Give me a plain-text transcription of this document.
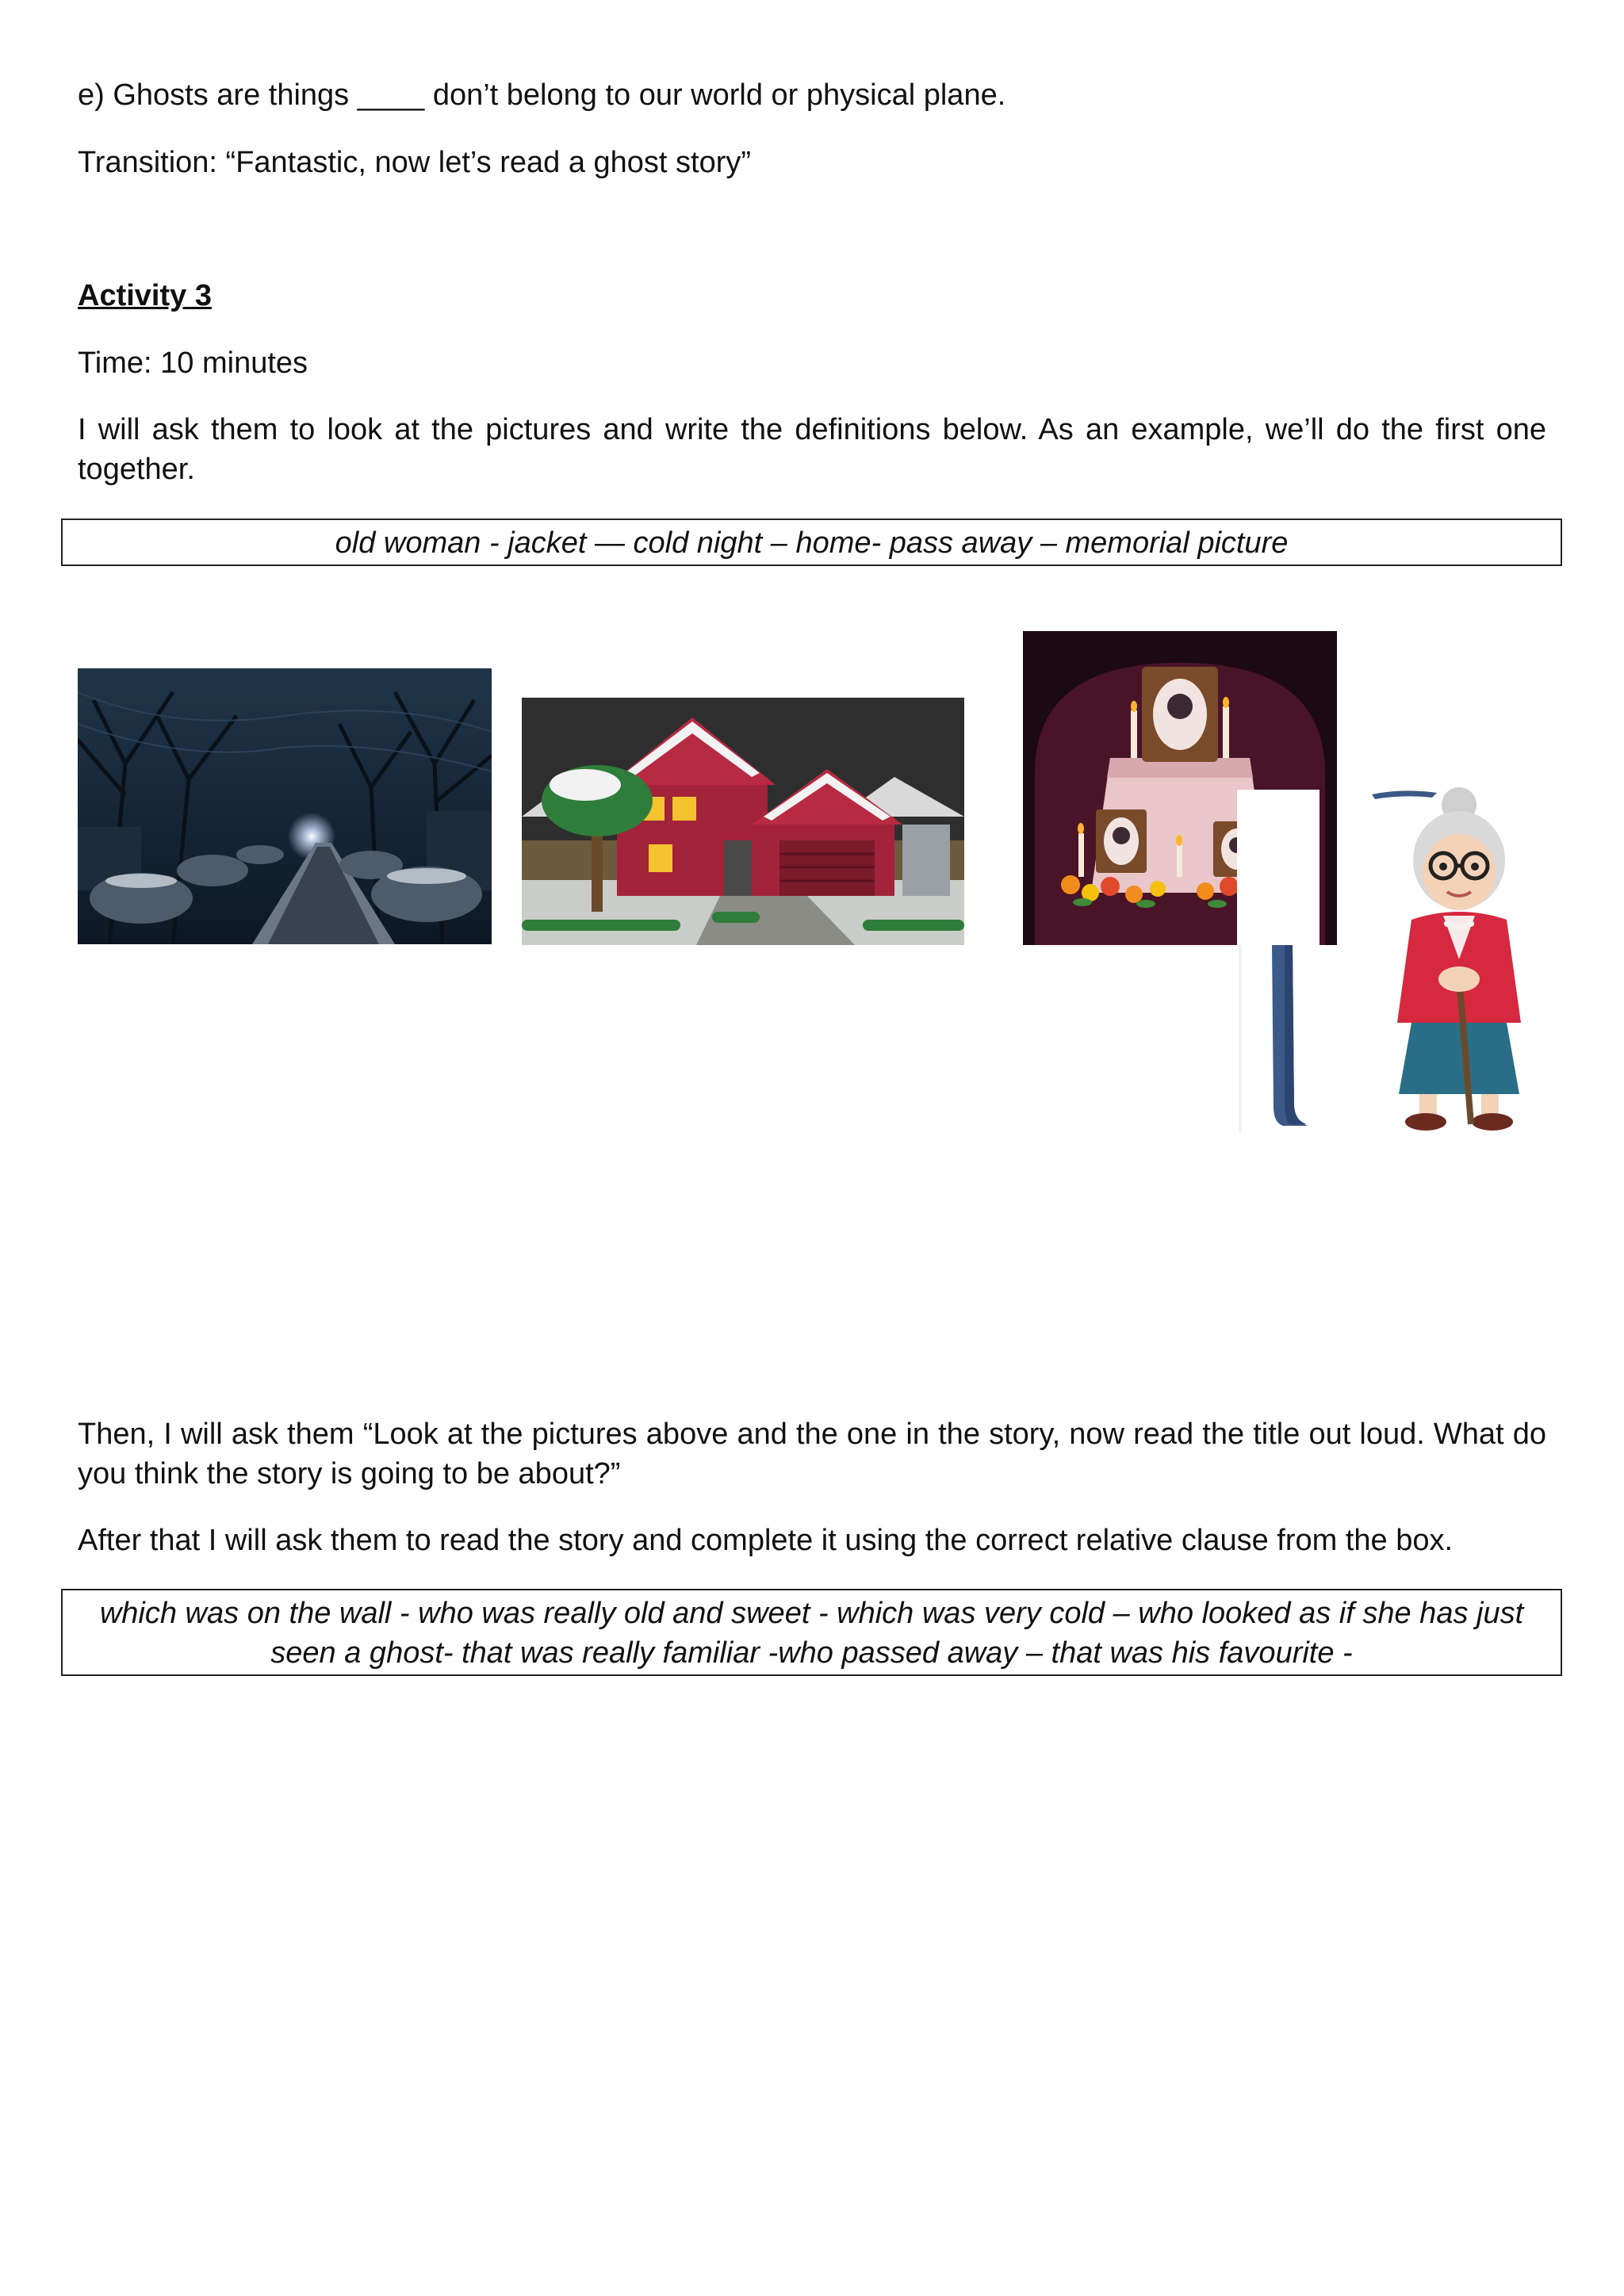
e) Ghosts are things ____ don’t belong to our world or physical plane.

Transition: “Fantastic, now let’s read a ghost story”

Activity 3

Time: 10 minutes

I will ask them to look at the pictures and write the definitions below. As an example, we’ll do the first one together.

old woman - jacket — cold night – home- pass away – memorial picture

Then, I will ask them “Look at the pictures above and the one in the story, now read the title out loud. What do you think the story is going to be about?”

After that I will ask them to read the story and complete it using the correct relative clause from the box.

which was on the wall - who was really old and sweet - which was very cold – who looked as if she has just seen a ghost- that was really familiar -who passed away – that was his favourite -
